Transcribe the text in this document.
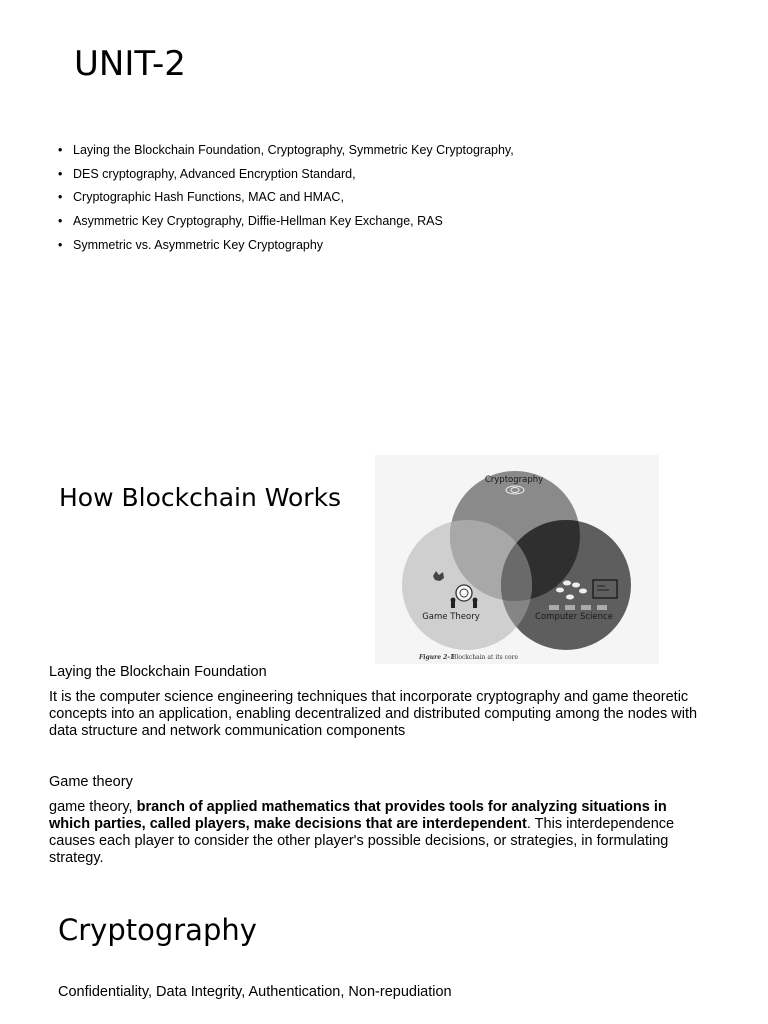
UNIT-2
• Laying the Blockchain Foundation, Cryptography, Symmetric Key Cryptography,
• DES cryptography, Advanced Encryption Standard,
• Cryptographic Hash Functions, MAC and HMAC,
• Asymmetric Key Cryptography, Diffie-Hellman Key Exchange, RAS
• Symmetric vs. Asymmetric Key Cryptography
How Blockchain Works
Cryptography
Game Theory	Computer Science
Figure 2-1
Blockchain at its core
Laying the Blockchain Foundation
It is the computer science engineering techniques that incorporate cryptography and game theoretic concepts into an application, enabling decentralized and distributed computing among the nodes with data structure and network communication components
Game theory
game theory, branch of applied mathematics that provides tools for analyzing situations in which parties, called players, make decisions that are interdependent. This interdependence causes each player to consider the other player's possible decisions, or strategies, in formulating strategy.
Cryptography
Confidentiality, Data Integrity, Authentication, Non-repudiation
